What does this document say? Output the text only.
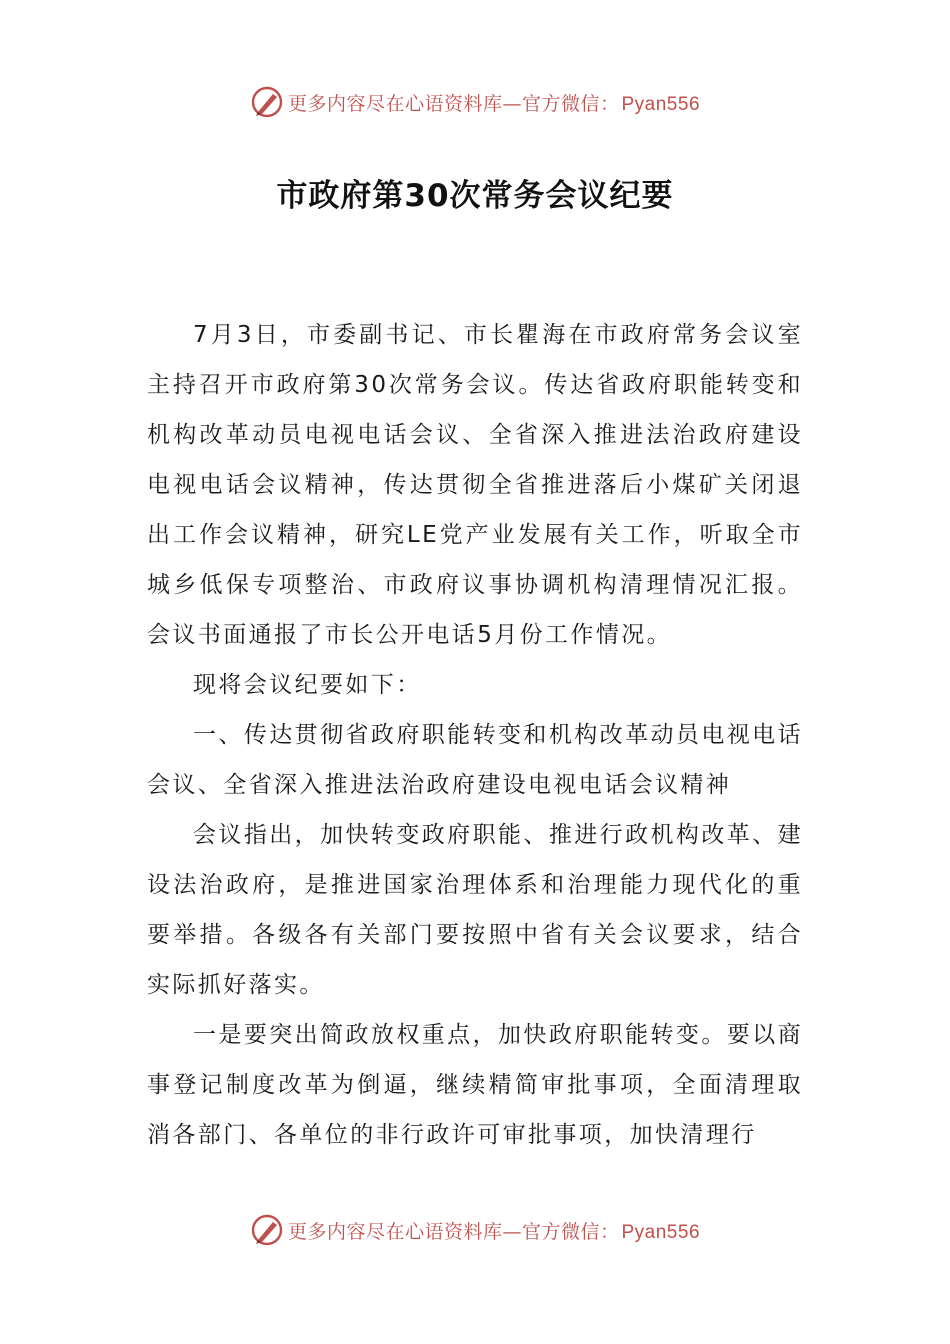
更多内容尽在心语资料库—官方微信： Pyan556
市政府第30次常务会议纪要

7月3日，市委副书记、市长瞿海在市政府常务会议室主持召开市政府第30次常务会议。传达省政府职能转变和机构改革动员电视电话会议、全省深入推进法治政府建设电视电话会议精神，传达贯彻全省推进落后小煤矿关闭退出工作会议精神，研究LE党产业发展有关工作，听取全市城乡低保专项整治、市政府议事协调机构清理情况汇报。会议书面通报了市长公开电话5月份工作情况。

现将会议纪要如下：

一、传达贯彻省政府职能转变和机构改革动员电视电话会议、全省深入推进法治政府建设电视电话会议精神

会议指出，加快转变政府职能、推进行政机构改革、建设法治政府，是推进国家治理体系和治理能力现代化的重要举措。各级各有关部门要按照中省有关会议要求，结合实际抓好落实。

一是要突出简政放权重点，加快政府职能转变。要以商事登记制度改革为倒逼，继续精简审批事项，全面清理取消各部门、各单位的非行政许可审批事项，加快清理行

更多内容尽在心语资料库—官方微信： Pyan556
